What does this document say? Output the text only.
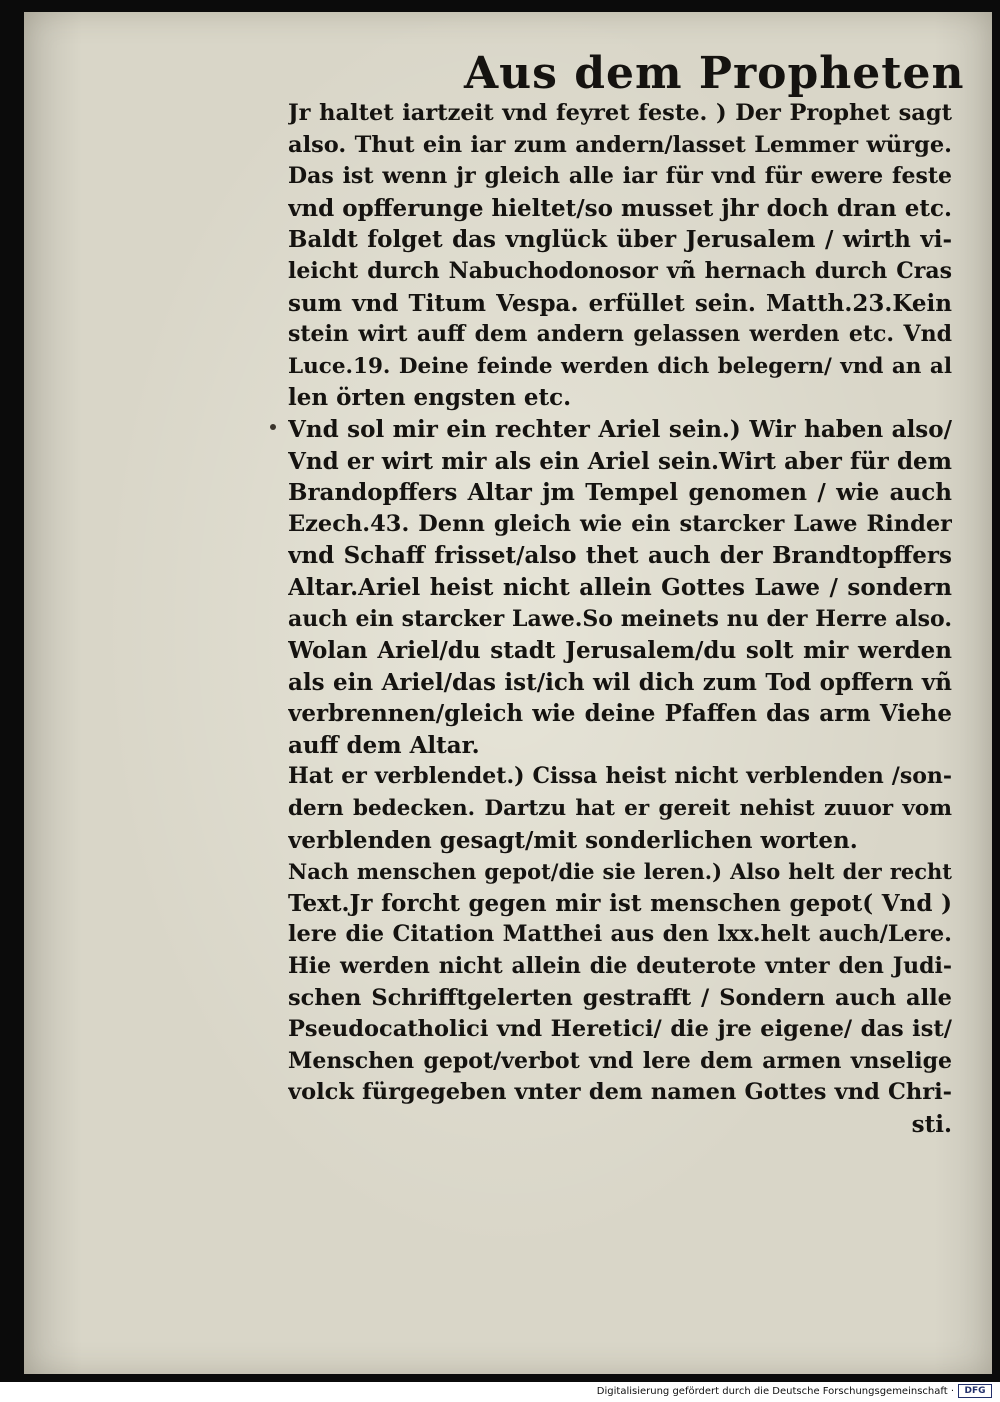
Aus dem Propheten
Jr haltet iartzeit vnd feyret feste. ) Der Prophet sagt
also. Thut ein iar zum andern/lasset Lemmer würge.
Das ist wenn jr gleich alle iar für vnd für ewere feste
vnd opfferunge hieltet/so musset jhr doch dran etc.
Baldt folget das vnglück über Jerusalem / wirth vi-
leicht durch Nabuchodonosor vñ hernach durch Cras
sum vnd Titum Vespa. erfüllet sein. Matth.23.Kein
stein wirt auff dem andern gelassen werden etc. Vnd
Luce.19. Deine feinde werden dich belegern/ vnd an al
len örten engsten etc.
Vnd sol mir ein rechter Ariel sein.) Wir haben also/
Vnd er wirt mir als ein Ariel sein.Wirt aber für dem
Brandopffers Altar jm Tempel genomen / wie auch
Ezech.43. Denn gleich wie ein starcker Lawe Rinder
vnd Schaff frisset/also thet auch der Brandtopffers
Altar.Ariel heist nicht allein Gottes Lawe / sondern
auch ein starcker Lawe.So meinets nu der Herre also.
Wolan Ariel/du stadt Jerusalem/du solt mir werden
als ein Ariel/das ist/ich wil dich zum Tod opffern vñ
verbrennen/gleich wie deine Pfaffen das arm Viehe
auff dem Altar.
Hat er verblendet.) Cissa heist nicht verblenden /son-
dern bedecken. Dartzu hat er gereit nehist zuuor vom
verblenden gesagt/mit sonderlichen worten.
Nach menschen gepot/die sie leren.) Also helt der recht
Text.Jr forcht gegen mir ist menschen gepot( Vnd )
lere die Citation Matthei aus den lxx.helt auch/Lere.
Hie werden nicht allein die deuterote vnter den Judi-
schen Schrifftgelerten gestrafft / Sondern auch alle
Pseudocatholici vnd Heretici/ die jre eigene/ das ist/
Menschen gepot/verbot vnd lere dem armen vnselige
volck fürgegeben vnter dem namen Gottes vnd Chri-
sti.
Digitalisierung gefördert durch die Deutsche Forschungsgemeinschaft ·	DFG
